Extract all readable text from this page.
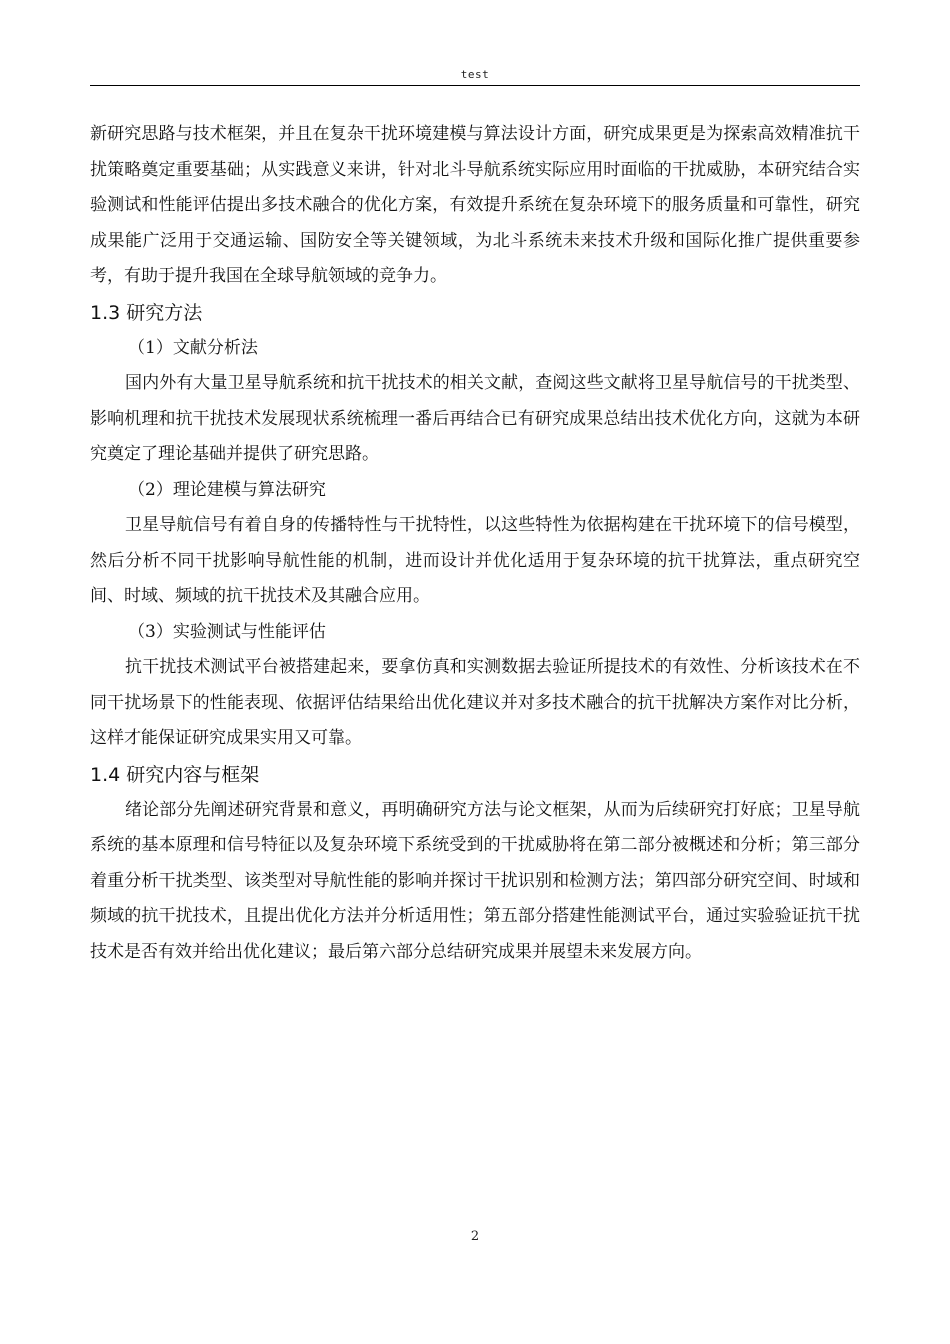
test

新研究思路与技术框架，并且在复杂干扰环境建模与算法设计方面，研究成果更是为探索高效精准抗干扰策略奠定重要基础；从实践意义来讲，针对北斗导航系统实际应用时面临的干扰威胁，本研究结合实验测试和性能评估提出多技术融合的优化方案，有效提升系统在复杂环境下的服务质量和可靠性，研究成果能广泛用于交通运输、国防安全等关键领域，为北斗系统未来技术升级和国际化推广提供重要参考，有助于提升我国在全球导航领域的竞争力。

1.3 研究方法

（1）文献分析法

国内外有大量卫星导航系统和抗干扰技术的相关文献，查阅这些文献将卫星导航信号的干扰类型、影响机理和抗干扰技术发展现状系统梳理一番后再结合已有研究成果总结出技术优化方向，这就为本研究奠定了理论基础并提供了研究思路。

（2）理论建模与算法研究

卫星导航信号有着自身的传播特性与干扰特性，以这些特性为依据构建在干扰环境下的信号模型，然后分析不同干扰影响导航性能的机制，进而设计并优化适用于复杂环境的抗干扰算法，重点研究空间、时域、频域的抗干扰技术及其融合应用。

（3）实验测试与性能评估

抗干扰技术测试平台被搭建起来，要拿仿真和实测数据去验证所提技术的有效性、分析该技术在不同干扰场景下的性能表现、依据评估结果给出优化建议并对多技术融合的抗干扰解决方案作对比分析，这样才能保证研究成果实用又可靠。

1.4 研究内容与框架

绪论部分先阐述研究背景和意义，再明确研究方法与论文框架，从而为后续研究打好底；卫星导航系统的基本原理和信号特征以及复杂环境下系统受到的干扰威胁将在第二部分被概述和分析；第三部分着重分析干扰类型、该类型对导航性能的影响并探讨干扰识别和检测方法；第四部分研究空间、时域和频域的抗干扰技术，且提出优化方法并分析适用性；第五部分搭建性能测试平台，通过实验验证抗干扰技术是否有效并给出优化建议；最后第六部分总结研究成果并展望未来发展方向。

2
